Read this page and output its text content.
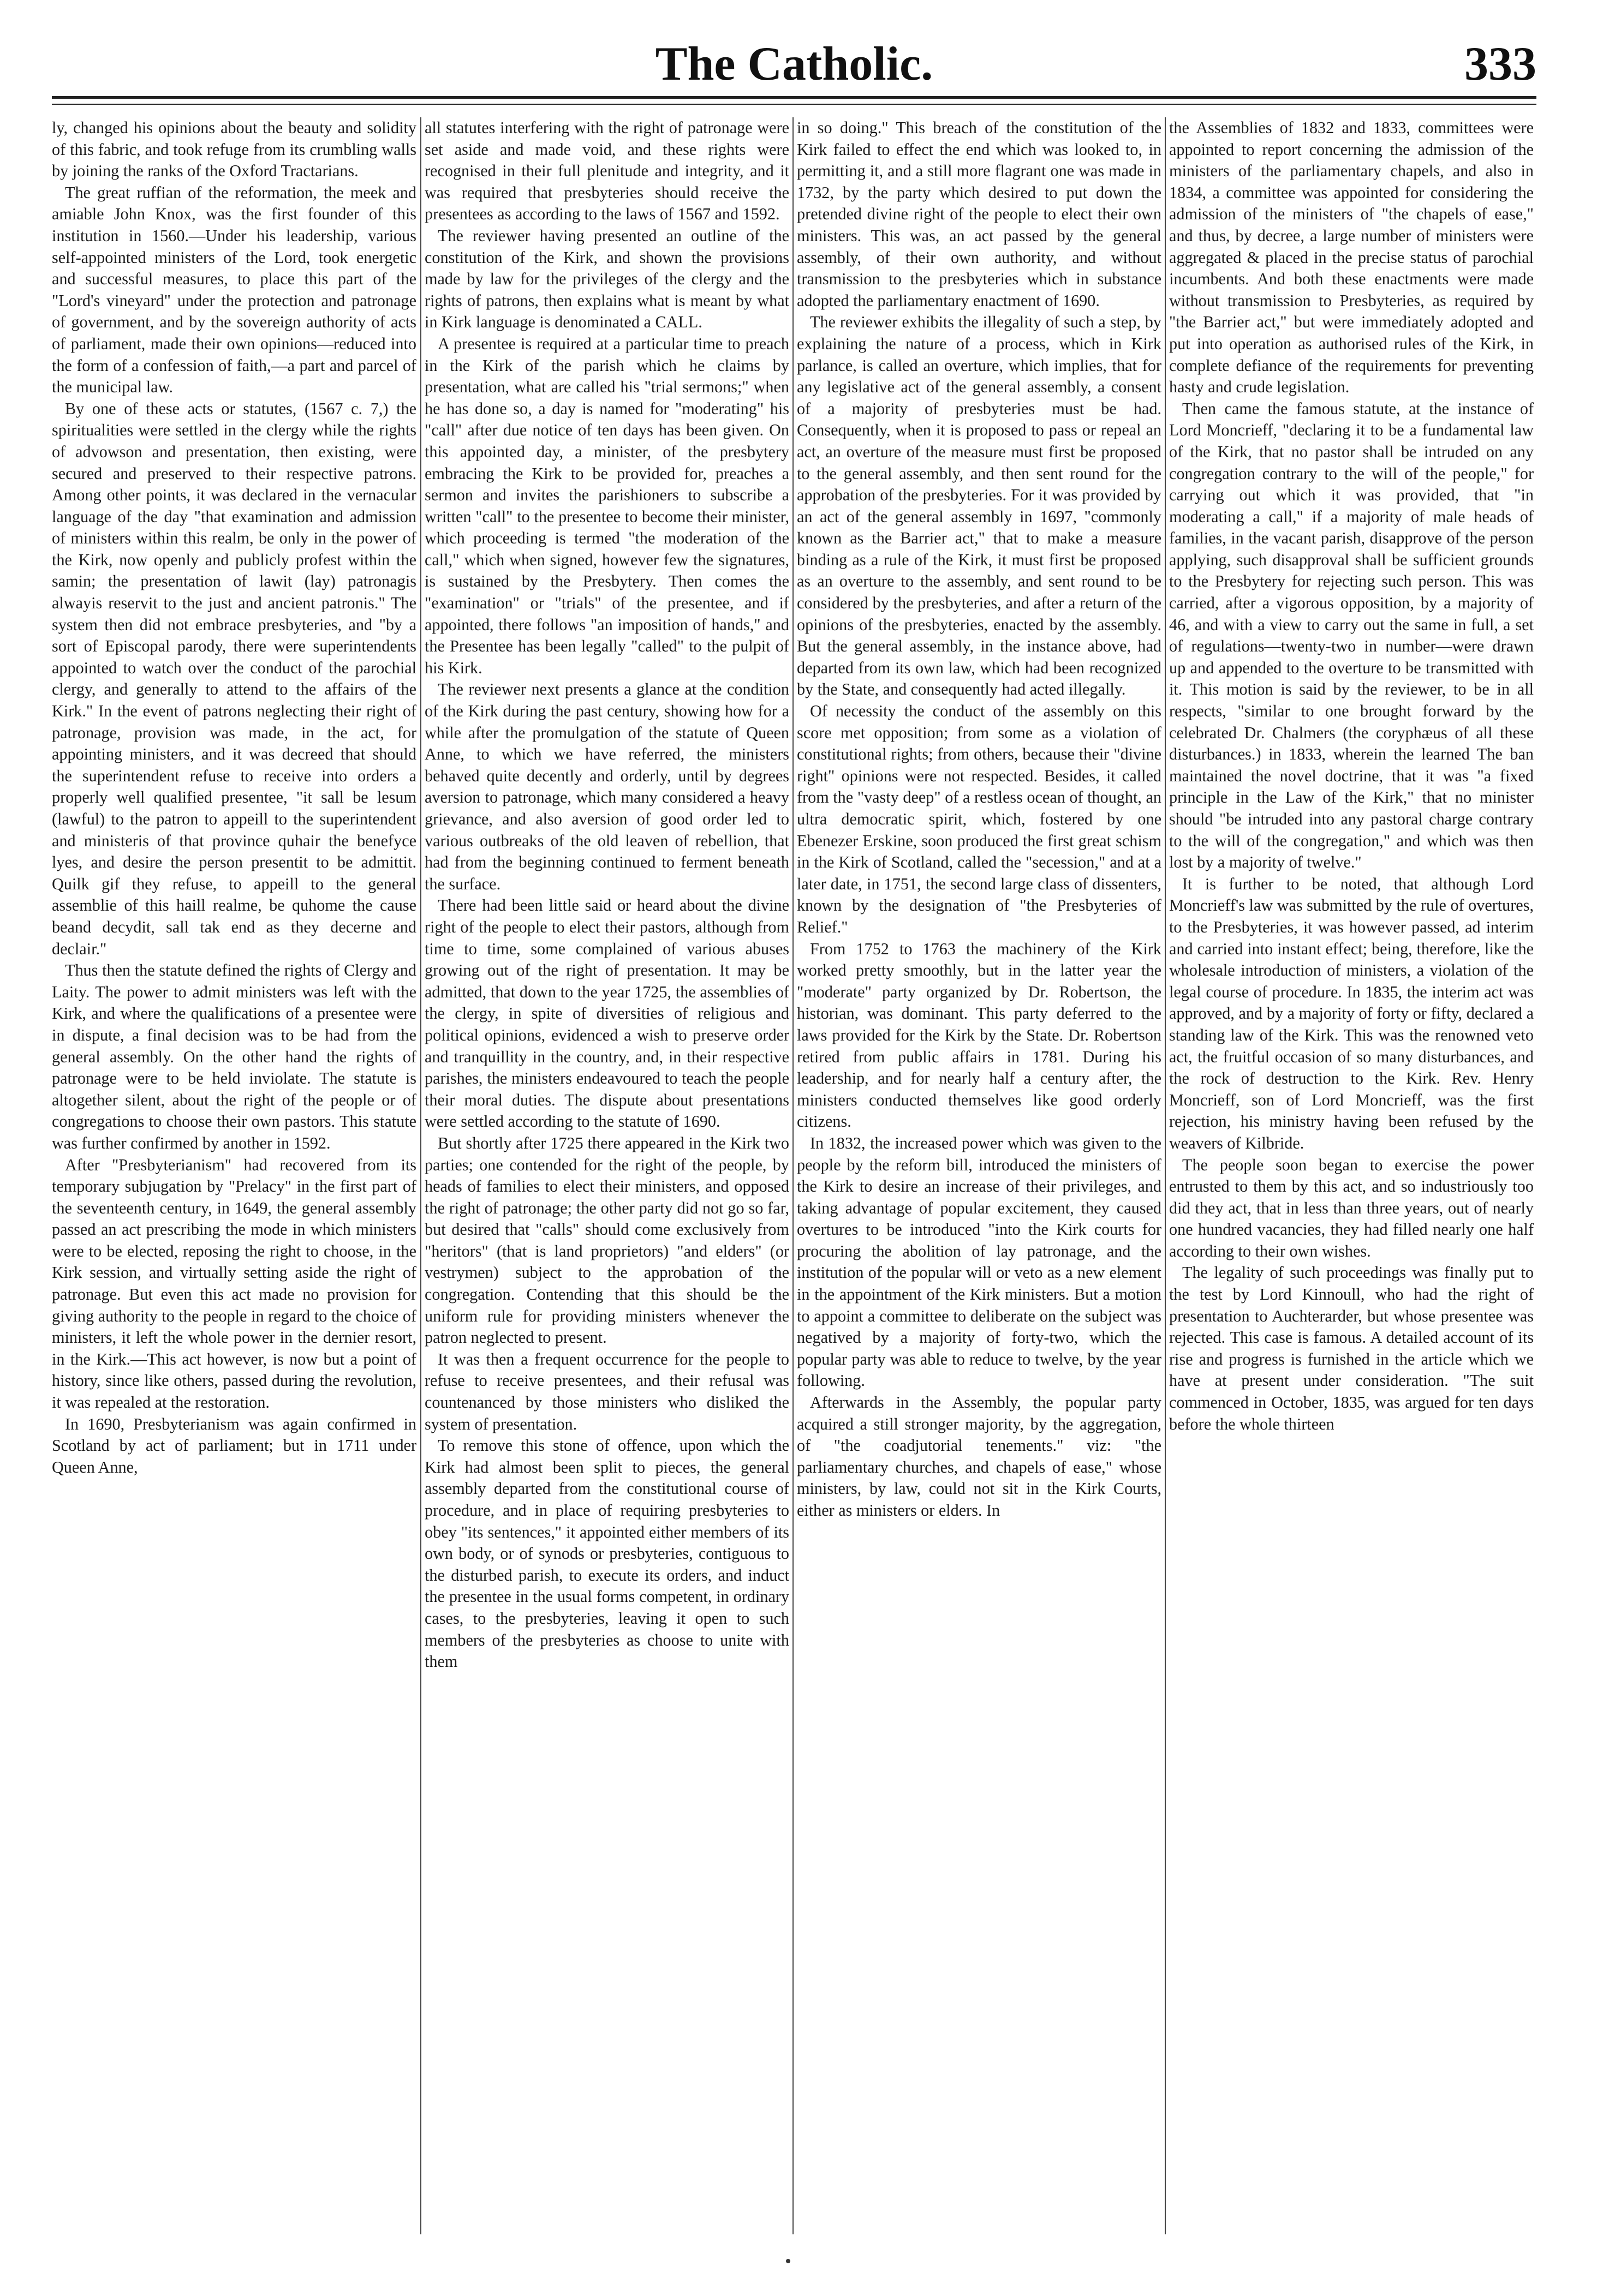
The Catholic.	333

ly, changed his opinions about the beauty and solidity of this fabric, and took refuge from its crumbling walls by joining the ranks of the Oxford Tractarians.

The great ruffian of the reformation, the meek and amiable John Knox, was the first founder of this institution in 1560.—Under his leadership, various self-appointed ministers of the Lord, took energetic and successful measures, to place this part of the "Lord's vineyard" under the protection and patronage of government, and by the sovereign authority of acts of parliament, made their own opinions—reduced into the form of a confession of faith,—a part and parcel of the municipal law.

By one of these acts or statutes, (1567 c. 7,) the spiritualities were settled in the clergy while the rights of advowson and presentation, then existing, were secured and preserved to their respective patrons. Among other points, it was declared in the vernacular language of the day "that examination and admission of ministers within this realm, be only in the power of the Kirk, now openly and publicly profest within the samin; the presentation of lawit (lay) patronagis alwayis reservit to the just and ancient patronis." The system then did not embrace presbyteries, and "by a sort of Episcopal parody, there were superintendents appointed to watch over the conduct of the parochial clergy, and generally to attend to the affairs of the Kirk." In the event of patrons neglecting their right of patronage, provision was made, in the act, for appointing ministers, and it was decreed that should the superintendent refuse to receive into orders a properly well qualified presentee, "it sall be lesum (lawful) to the patron to appeill to the superintendent and ministeris of that province quhair the benefyce lyes, and desire the person presentit to be admittit. Quilk gif they refuse, to appeill to the general assemblie of this haill realme, be quhome the cause beand decydit, sall tak end as they decerne and declair."

Thus then the statute defined the rights of Clergy and Laity. The power to admit ministers was left with the Kirk, and where the qualifications of a presentee were in dispute, a final decision was to be had from the general assembly. On the other hand the rights of patronage were to be held inviolate. The statute is altogether silent, about the right of the people or of congregations to choose their own pastors. This statute was further confirmed by another in 1592.

After "Presbyterianism" had recovered from its temporary subjugation by "Prelacy" in the first part of the seventeenth century, in 1649, the general assembly passed an act prescribing the mode in which ministers were to be elected, reposing the right to choose, in the Kirk session, and virtually setting aside the right of patronage. But even this act made no provision for giving authority to the people in regard to the choice of ministers, it left the whole power in the dernier resort, in the Kirk.—This act however, is now but a point of history, since like others, passed during the revolution, it was repealed at the restoration.

In 1690, Presbyterianism was again confirmed in Scotland by act of parliament; but in 1711 under Queen Anne,

all statutes interfering with the right of patronage were set aside and made void, and these rights were recognised in their full plenitude and integrity, and it was required that presbyteries should receive the presentees as according to the laws of 1567 and 1592.

The reviewer having presented an outline of the constitution of the Kirk, and shown the provisions made by law for the privileges of the clergy and the rights of patrons, then explains what is meant by what in Kirk language is denominated a CALL.

A presentee is required at a particular time to preach in the Kirk of the parish which he claims by presentation, what are called his "trial sermons;" when he has done so, a day is named for "moderating" his "call" after due notice of ten days has been given. On this appointed day, a minister, of the presbytery embracing the Kirk to be provided for, preaches a sermon and invites the parishioners to subscribe a written "call" to the presentee to become their minister, which proceeding is termed "the moderation of the call," which when signed, however few the signatures, is sustained by the Presbytery. Then comes the "examination" or "trials" of the presentee, and if appointed, there follows "an imposition of hands," and the Presentee has been legally "called" to the pulpit of his Kirk.

The reviewer next presents a glance at the condition of the Kirk during the past century, showing how for a while after the promulgation of the statute of Queen Anne, to which we have referred, the ministers behaved quite decently and orderly, until by degrees aversion to patronage, which many considered a heavy grievance, and also aversion of good order led to various outbreaks of the old leaven of rebellion, that had from the beginning continued to ferment beneath the surface.

There had been little said or heard about the divine right of the people to elect their pastors, although from time to time, some complained of various abuses growing out of the right of presentation. It may be admitted, that down to the year 1725, the assemblies of the clergy, in spite of diversities of religious and political opinions, evidenced a wish to preserve order and tranquillity in the country, and, in their respective parishes, the ministers endeavoured to teach the people their moral duties. The dispute about presentations were settled according to the statute of 1690.

But shortly after 1725 there appeared in the Kirk two parties; one contended for the right of the people, by heads of families to elect their ministers, and opposed the right of patronage; the other party did not go so far, but desired that "calls" should come exclusively from "heritors" (that is land proprietors) "and elders" (or vestrymen) subject to the approbation of the congregation. Contending that this should be the uniform rule for providing ministers whenever the patron neglected to present.

It was then a frequent occurrence for the people to refuse to receive presentees, and their refusal was countenanced by those ministers who disliked the system of presentation.

To remove this stone of offence, upon which the Kirk had almost been split to pieces, the general assembly departed from the constitutional course of procedure, and in place of requiring presbyteries to obey "its sentences," it appointed either members of its own body, or of synods or presbyteries, contiguous to the disturbed parish, to execute its orders, and induct the presentee in the usual forms competent, in ordinary cases, to the presbyteries, leaving it open to such members of the presbyteries as choose to unite with them

in so doing." This breach of the constitution of the Kirk failed to effect the end which was looked to, in permitting it, and a still more flagrant one was made in 1732, by the party which desired to put down the pretended divine right of the people to elect their own ministers. This was, an act passed by the general assembly, of their own authority, and without transmission to the presbyteries which in substance adopted the parliamentary enactment of 1690.

The reviewer exhibits the illegality of such a step, by explaining the nature of a process, which in Kirk parlance, is called an overture, which implies, that for any legislative act of the general assembly, a consent of a majority of presbyteries must be had. Consequently, when it is proposed to pass or repeal an act, an overture of the measure must first be proposed to the general assembly, and then sent round for the approbation of the presbyteries. For it was provided by an act of the general assembly in 1697, "commonly known as the Barrier act," that to make a measure binding as a rule of the Kirk, it must first be proposed as an overture to the assembly, and sent round to be considered by the presbyteries, and after a return of the opinions of the presbyteries, enacted by the assembly. But the general assembly, in the instance above, had departed from its own law, which had been recognized by the State, and consequently had acted illegally.

Of necessity the conduct of the assembly on this score met opposition; from some as a violation of constitutional rights; from others, because their "divine right" opinions were not respected. Besides, it called from the "vasty deep" of a restless ocean of thought, an ultra democratic spirit, which, fostered by one Ebenezer Erskine, soon produced the first great schism in the Kirk of Scotland, called the "secession," and at a later date, in 1751, the second large class of dissenters, known by the designation of "the Presbyteries of Relief."

From 1752 to 1763 the machinery of the Kirk worked pretty smoothly, but in the latter year the "moderate" party organized by Dr. Robertson, the historian, was dominant. This party deferred to the laws provided for the Kirk by the State. Dr. Robertson retired from public affairs in 1781. During his leadership, and for nearly half a century after, the ministers conducted themselves like good orderly citizens.

In 1832, the increased power which was given to the people by the reform bill, introduced the ministers of the Kirk to desire an increase of their privileges, and taking advantage of popular excitement, they caused overtures to be introduced "into the Kirk courts for procuring the abolition of lay patronage, and the institution of the popular will or veto as a new element in the appointment of the Kirk ministers. But a motion to appoint a committee to deliberate on the subject was negatived by a majority of forty-two, which the popular party was able to reduce to twelve, by the year following.

Afterwards in the Assembly, the popular party acquired a still stronger majority, by the aggregation, of "the coadjutorial tenements." viz: "the parliamentary churches, and chapels of ease," whose ministers, by law, could not sit in the Kirk Courts, either as ministers or elders. In

the Assemblies of 1832 and 1833, committees were appointed to report concerning the admission of the ministers of the parliamentary chapels, and also in 1834, a committee was appointed for considering the admission of the ministers of "the chapels of ease," and thus, by decree, a large number of ministers were aggregated & placed in the precise status of parochial incumbents. And both these enactments were made without transmission to Presbyteries, as required by "the Barrier act," but were immediately adopted and put into operation as authorised rules of the Kirk, in complete defiance of the requirements for preventing hasty and crude legislation.

Then came the famous statute, at the instance of Lord Moncrieff, "declaring it to be a fundamental law of the Kirk, that no pastor shall be intruded on any congregation contrary to the will of the people," for carrying out which it was provided, that "in moderating a call," if a majority of male heads of families, in the vacant parish, disapprove of the person applying, such disapproval shall be sufficient grounds to the Presbytery for rejecting such person. This was carried, after a vigorous opposition, by a majority of 46, and with a view to carry out the same in full, a set of regulations—twenty-two in number—were drawn up and appended to the overture to be transmitted with it. This motion is said by the reviewer, to be in all respects, "similar to one brought forward by the celebrated Dr. Chalmers (the coryphæus of all these disturbances.) in 1833, wherein the learned The ban maintained the novel doctrine, that it was "a fixed principle in the Law of the Kirk," that no minister should "be intruded into any pastoral charge contrary to the will of the congregation," and which was then lost by a majority of twelve."

It is further to be noted, that although Lord Moncrieff's law was submitted by the rule of overtures, to the Presbyteries, it was however passed, ad interim and carried into instant effect; being, therefore, like the wholesale introduction of ministers, a violation of the legal course of procedure. In 1835, the interim act was approved, and by a majority of forty or fifty, declared a standing law of the Kirk. This was the renowned veto act, the fruitful occasion of so many disturbances, and the rock of destruction to the Kirk. Rev. Henry Moncrieff, son of Lord Moncrieff, was the first rejection, his ministry having been refused by the weavers of Kilbride.

The people soon began to exercise the power entrusted to them by this act, and so industriously too did they act, that in less than three years, out of nearly one hundred vacancies, they had filled nearly one half according to their own wishes.

The legality of such proceedings was finally put to the test by Lord Kinnoull, who had the right of presentation to Auchterarder, but whose presentee was rejected. This case is famous. A detailed account of its rise and progress is furnished in the article which we have at present under consideration. "The suit commenced in October, 1835, was argued for ten days before the whole thirteen
